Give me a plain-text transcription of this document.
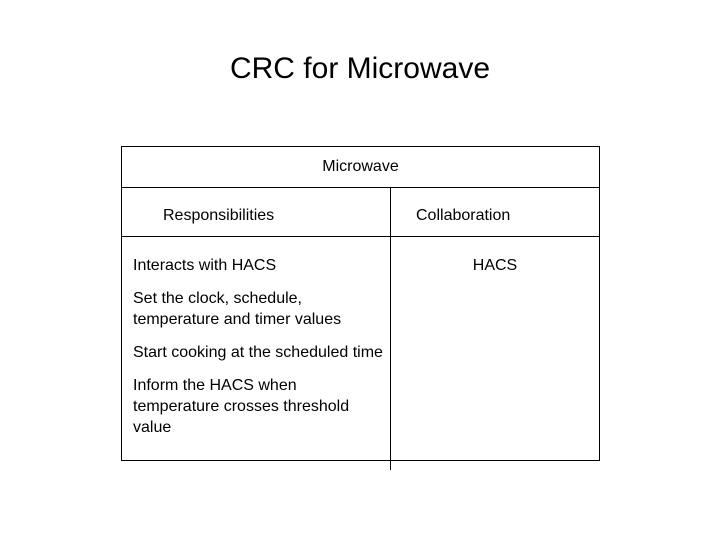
CRC for Microwave
Microwave
Responsibilities	Collaboration
Interacts with HACS
Set the clock, schedule, temperature and timer values
Start cooking at the scheduled time
Inform the HACS when temperature crosses threshold value
HACS
